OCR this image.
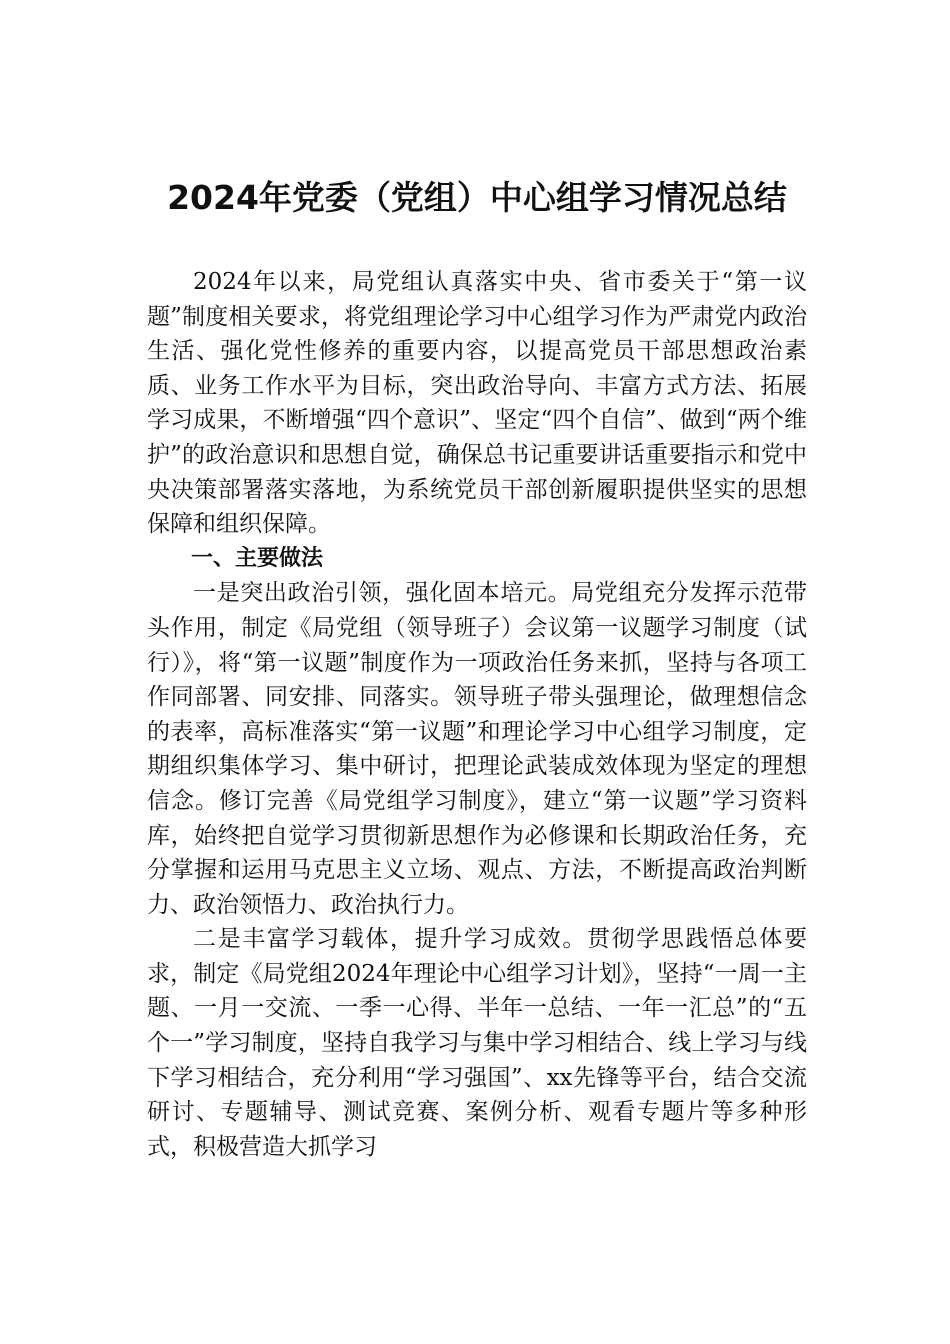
2024年党委（党组）中心组学习情况总结

2024年以来，局党组认真落实中央、省市委关于“第一议题”制度相关要求，将党组理论学习中心组学习作为严肃党内政治生活、强化党性修养的重要内容，以提高党员干部思想政治素质、业务工作水平为目标，突出政治导向、丰富方式方法、拓展学习成果，不断增强“四个意识”、坚定“四个自信”、做到“两个维护”的政治意识和思想自觉，确保总书记重要讲话重要指示和党中央决策部署落实落地，为系统党员干部创新履职提供坚实的思想保障和组织保障。

一、主要做法

一是突出政治引领，强化固本培元。局党组充分发挥示范带头作用，制定《局党组（领导班子）会议第一议题学习制度（试行）》，将“第一议题”制度作为一项政治任务来抓，坚持与各项工作同部署、同安排、同落实。领导班子带头强理论，做理想信念的表率，高标准落实“第一议题”和理论学习中心组学习制度，定期组织集体学习、集中研讨，把理论武装成效体现为坚定的理想信念。修订完善《局党组学习制度》，建立“第一议题”学习资料库，始终把自觉学习贯彻新思想作为必修课和长期政治任务，充分掌握和运用马克思主义立场、观点、方法，不断提高政治判断力、政治领悟力、政治执行力。

二是丰富学习载体，提升学习成效。贯彻学思践悟总体要求，制定《局党组2024年理论中心组学习计划》，坚持“一周一主题、一月一交流、一季一心得、半年一总结、一年一汇总”的“五个一”学习制度，坚持自我学习与集中学习相结合、线上学习与线下学习相结合，充分利用“学习强国”、xx先锋等平台，结合交流研讨、专题辅导、测试竞赛、案例分析、观看专题片等多种形式，积极营造大抓学习
